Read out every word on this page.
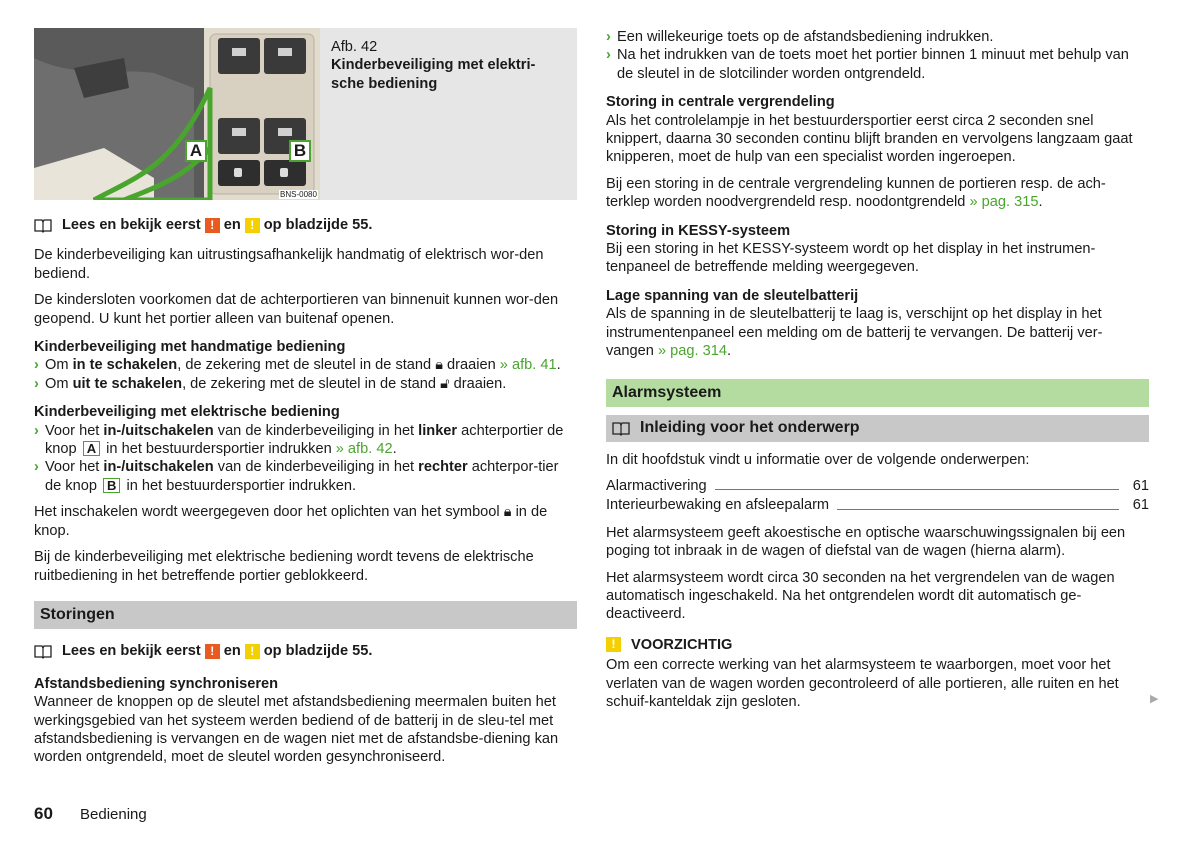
A	B
BNS-0080
Afb. 42
Kinderbeveiliging met elektri-
sche bediening
Lees en bekijk eerst ! en ! op bladzijde 55.

De kinderbeveiliging kan uitrustingsafhankelijk handmatig of elektrisch wor-den bediend.

De kindersloten voorkomen dat de achterportieren van binnenuit kunnen wor-den geopend. U kunt het portier alleen van buitenaf openen.

Kinderbeveiliging met handmatige bediening
› Om in te schakelen, de zekering met de sleutel in de stand 🔒︎ draaien » afb. 41.
› Om uit te schakelen, de zekering met de sleutel in de stand 🔓︎ draaien.
Kinderbeveiliging met elektrische bediening
› Voor het in-/uitschakelen van de kinderbeveiliging in het linker achterportier de knop A in het bestuurdersportier indrukken » afb. 42.
› Voor het in-/uitschakelen van de kinderbeveiliging in het rechter achterpor-tier de knop B in het bestuurdersportier indrukken.

Het inschakelen wordt weergegeven door het oplichten van het symbool 🔒︎ in de knop.

Bij de kinderbeveiliging met elektrische bediening wordt tevens de elektrische ruitbediening in het betreffende portier geblokkeerd.

Storingen
Lees en bekijk eerst ! en ! op bladzijde 55.
Afstandsbediening synchroniseren

Wanneer de knoppen op de sleutel met afstandsbediening meermalen buiten het werkingsgebied van het systeem werden bediend of de batterij in de sleu-tel met afstandsbediening is vervangen en de wagen niet met de afstandsbe-diening kan worden ontgrendeld, moet de sleutel worden gesynchroniseerd.

› Een willekeurige toets op de afstandsbediening indrukken.
› Na het indrukken van de toets moet het portier binnen 1 minuut met behulp van de sleutel in de slotcilinder worden ontgrendeld.
Storing in centrale vergrendeling

Als het controlelampje in het bestuurdersportier eerst circa 2 seconden snel knippert, daarna 30 seconden continu blijft branden en vervolgens langzaam gaat knipperen, moet de hulp van een specialist worden ingeroepen.

Bij een storing in de centrale vergrendeling kunnen de portieren resp. de ach-terklep worden noodvergrendeld resp. noodontgrendeld » pag. 315.

Storing in KESSY-systeem

Bij een storing in het KESSY-systeem wordt op het display in het instrumen-tenpaneel de betreffende melding weergegeven.

Lage spanning van de sleutelbatterij

Als de spanning in de sleutelbatterij te laag is, verschijnt op het display in het instrumentenpaneel een melding om de batterij te vervangen. De batterij ver-vangen » pag. 314.

Alarmsysteem
Inleiding voor het onderwerp

In dit hoofdstuk vindt u informatie over de volgende onderwerpen:

Alarmactivering	61
Interieurbewaking en afsleepalarm	61

Het alarmsysteem geeft akoestische en optische waarschuwingssignalen bij een poging tot inbraak in de wagen of diefstal van de wagen (hierna alarm).

Het alarmsysteem wordt circa 30 seconden na het vergrendelen van de wagen automatisch ingeschakeld. Na het ontgrendelen wordt dit automatisch ge-deactiveerd.

!	VOORZICHTIG

Om een correcte werking van het alarmsysteem te waarborgen, moet voor het verlaten van de wagen worden gecontroleerd of alle portieren, alle ruiten en het schuif-kanteldak zijn gesloten.	▶
60 Bediening
